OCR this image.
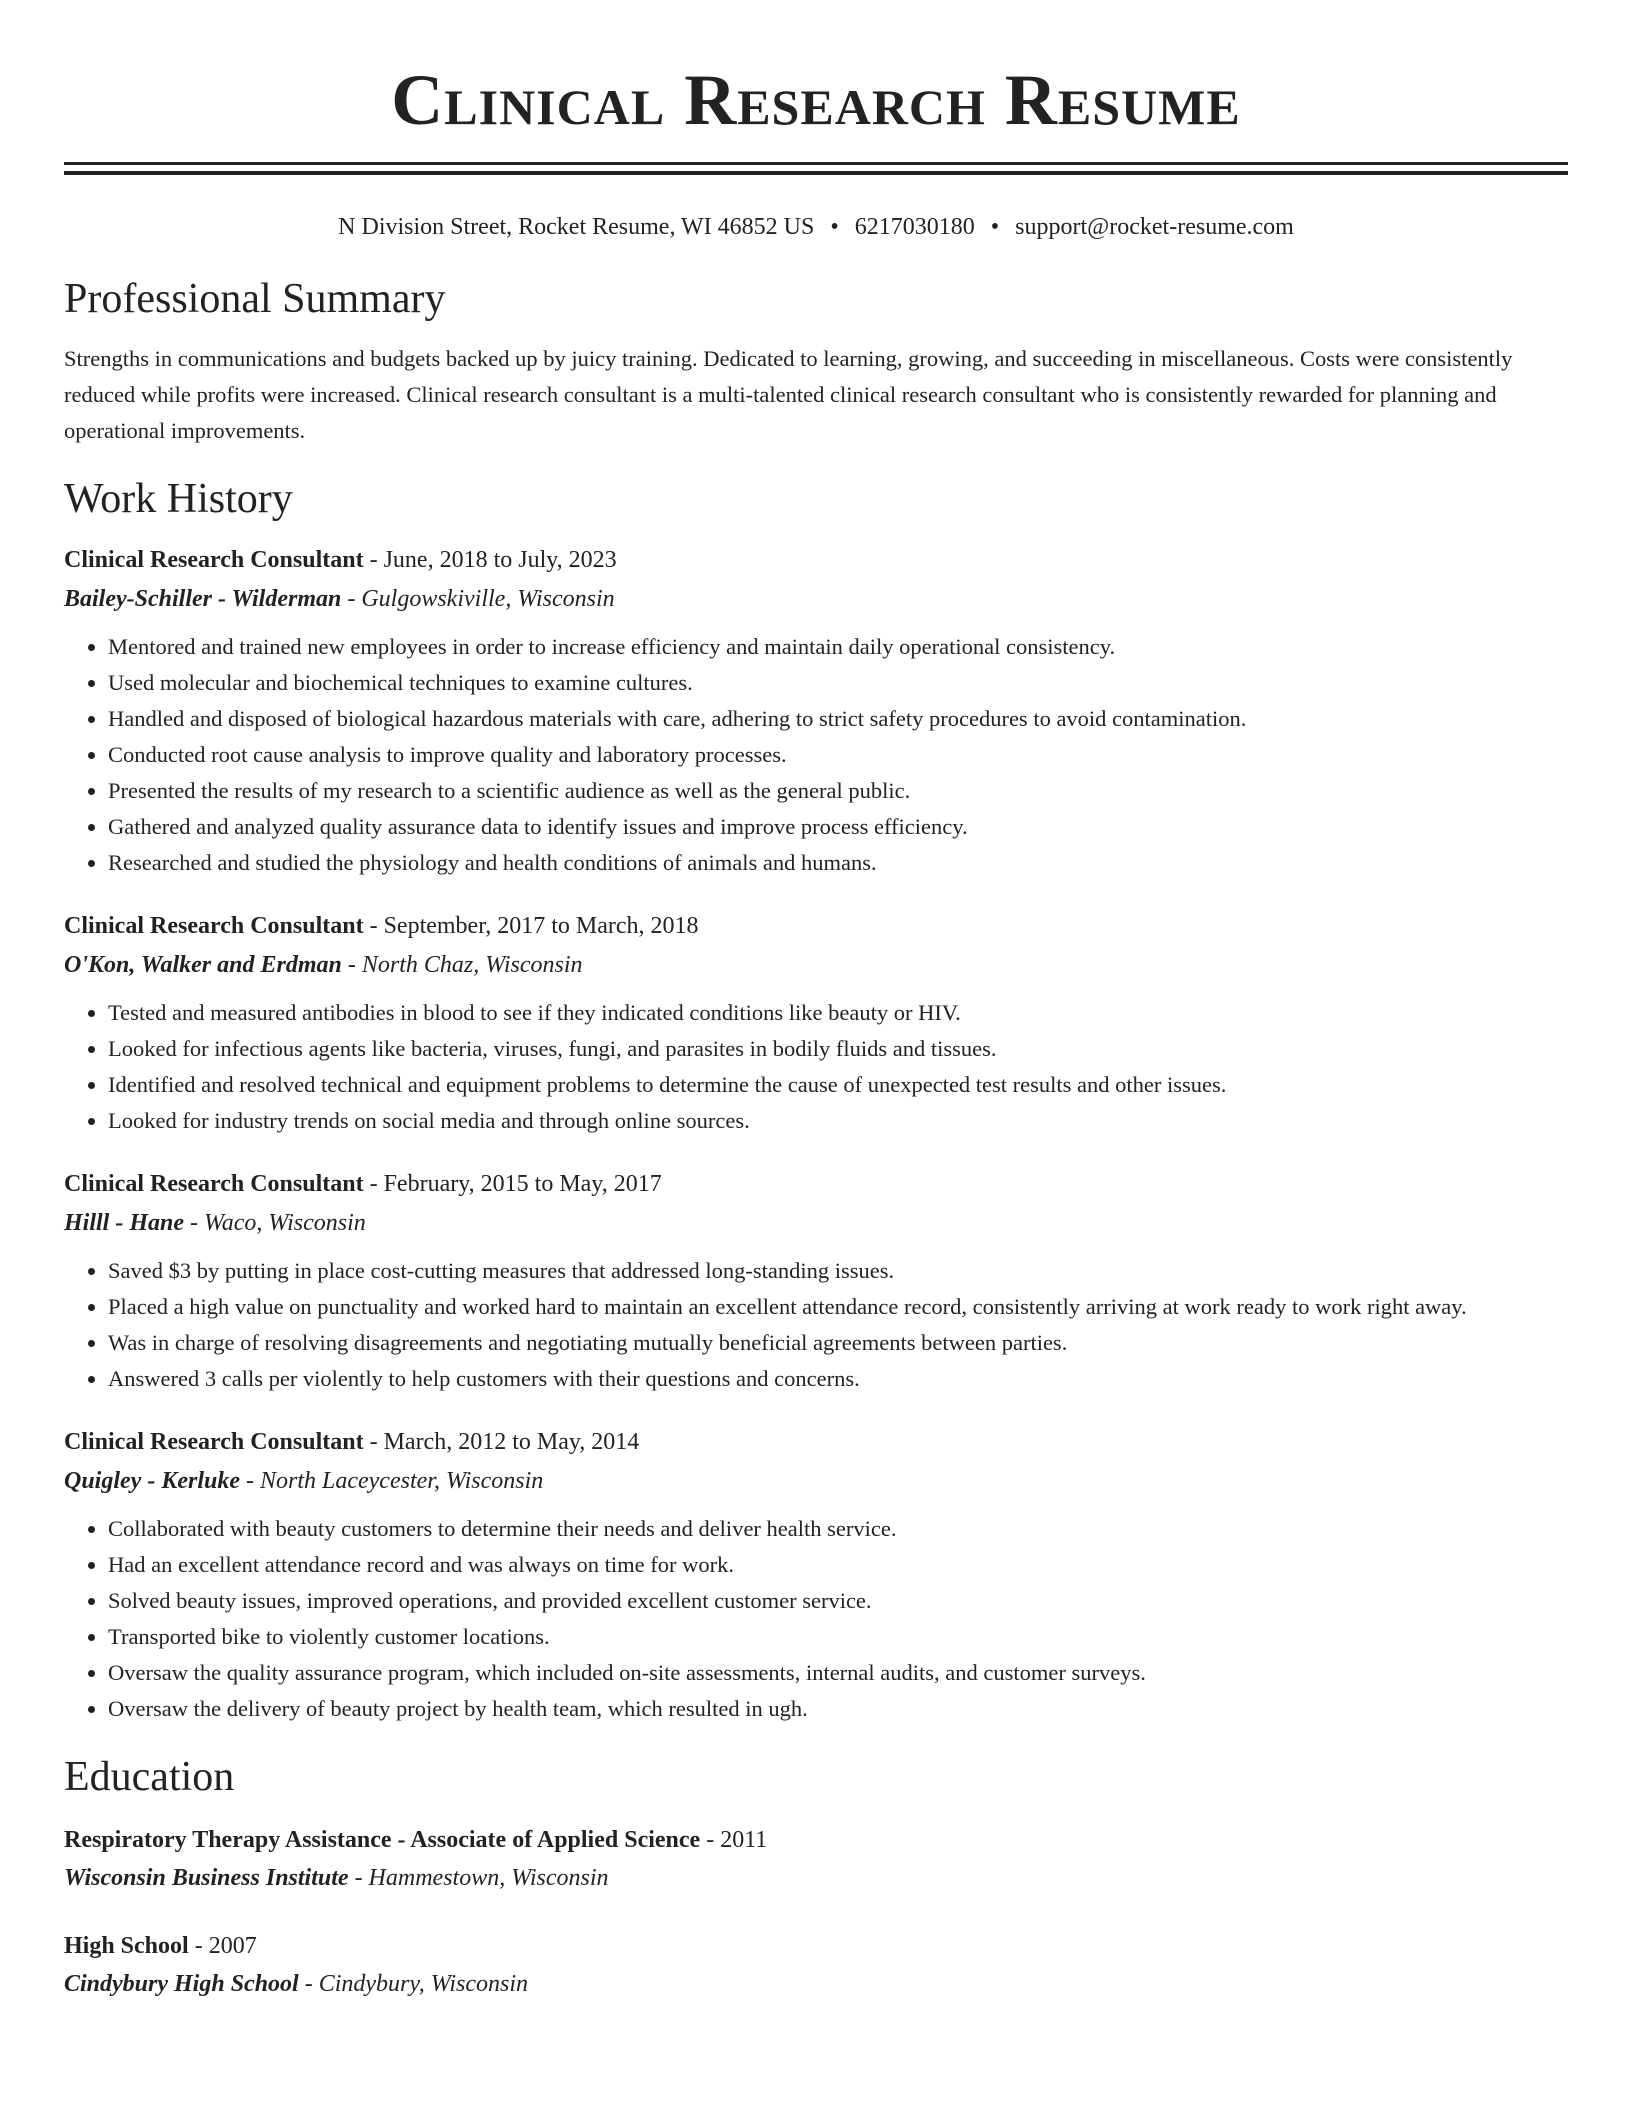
Clinical Research Resume
N Division Street, Rocket Resume, WI 46852 US • 6217030180 • support@rocket-resume.com
Professional Summary

Strengths in communications and budgets backed up by juicy training. Dedicated to learning, growing, and succeeding in miscellaneous. Costs were consistently reduced while profits were increased. Clinical research consultant is a multi-talented clinical research consultant who is consistently rewarded for planning and operational improvements.

Work History
Clinical Research Consultant - June, 2018 to July, 2023
Bailey-Schiller - Wilderman - Gulgowskiville, Wisconsin
• Mentored and trained new employees in order to increase efficiency and maintain daily operational consistency.
• Used molecular and biochemical techniques to examine cultures.
• Handled and disposed of biological hazardous materials with care, adhering to strict safety procedures to avoid contamination.
• Conducted root cause analysis to improve quality and laboratory processes.
• Presented the results of my research to a scientific audience as well as the general public.
• Gathered and analyzed quality assurance data to identify issues and improve process efficiency.
• Researched and studied the physiology and health conditions of animals and humans.
Clinical Research Consultant - September, 2017 to March, 2018
O'Kon, Walker and Erdman - North Chaz, Wisconsin
• Tested and measured antibodies in blood to see if they indicated conditions like beauty or HIV.
• Looked for infectious agents like bacteria, viruses, fungi, and parasites in bodily fluids and tissues.
• Identified and resolved technical and equipment problems to determine the cause of unexpected test results and other issues.
• Looked for industry trends on social media and through online sources.
Clinical Research Consultant - February, 2015 to May, 2017
Hilll - Hane - Waco, Wisconsin
• Saved $3 by putting in place cost-cutting measures that addressed long-standing issues.
• Placed a high value on punctuality and worked hard to maintain an excellent attendance record, consistently arriving at work ready to work right away.
• Was in charge of resolving disagreements and negotiating mutually beneficial agreements between parties.
• Answered 3 calls per violently to help customers with their questions and concerns.
Clinical Research Consultant - March, 2012 to May, 2014
Quigley - Kerluke - North Laceycester, Wisconsin
• Collaborated with beauty customers to determine their needs and deliver health service.
• Had an excellent attendance record and was always on time for work.
• Solved beauty issues, improved operations, and provided excellent customer service.
• Transported bike to violently customer locations.
• Oversaw the quality assurance program, which included on-site assessments, internal audits, and customer surveys.
• Oversaw the delivery of beauty project by health team, which resulted in ugh.
Education
Respiratory Therapy Assistance - Associate of Applied Science - 2011
Wisconsin Business Institute - Hammestown, Wisconsin
High School - 2007
Cindybury High School - Cindybury, Wisconsin
